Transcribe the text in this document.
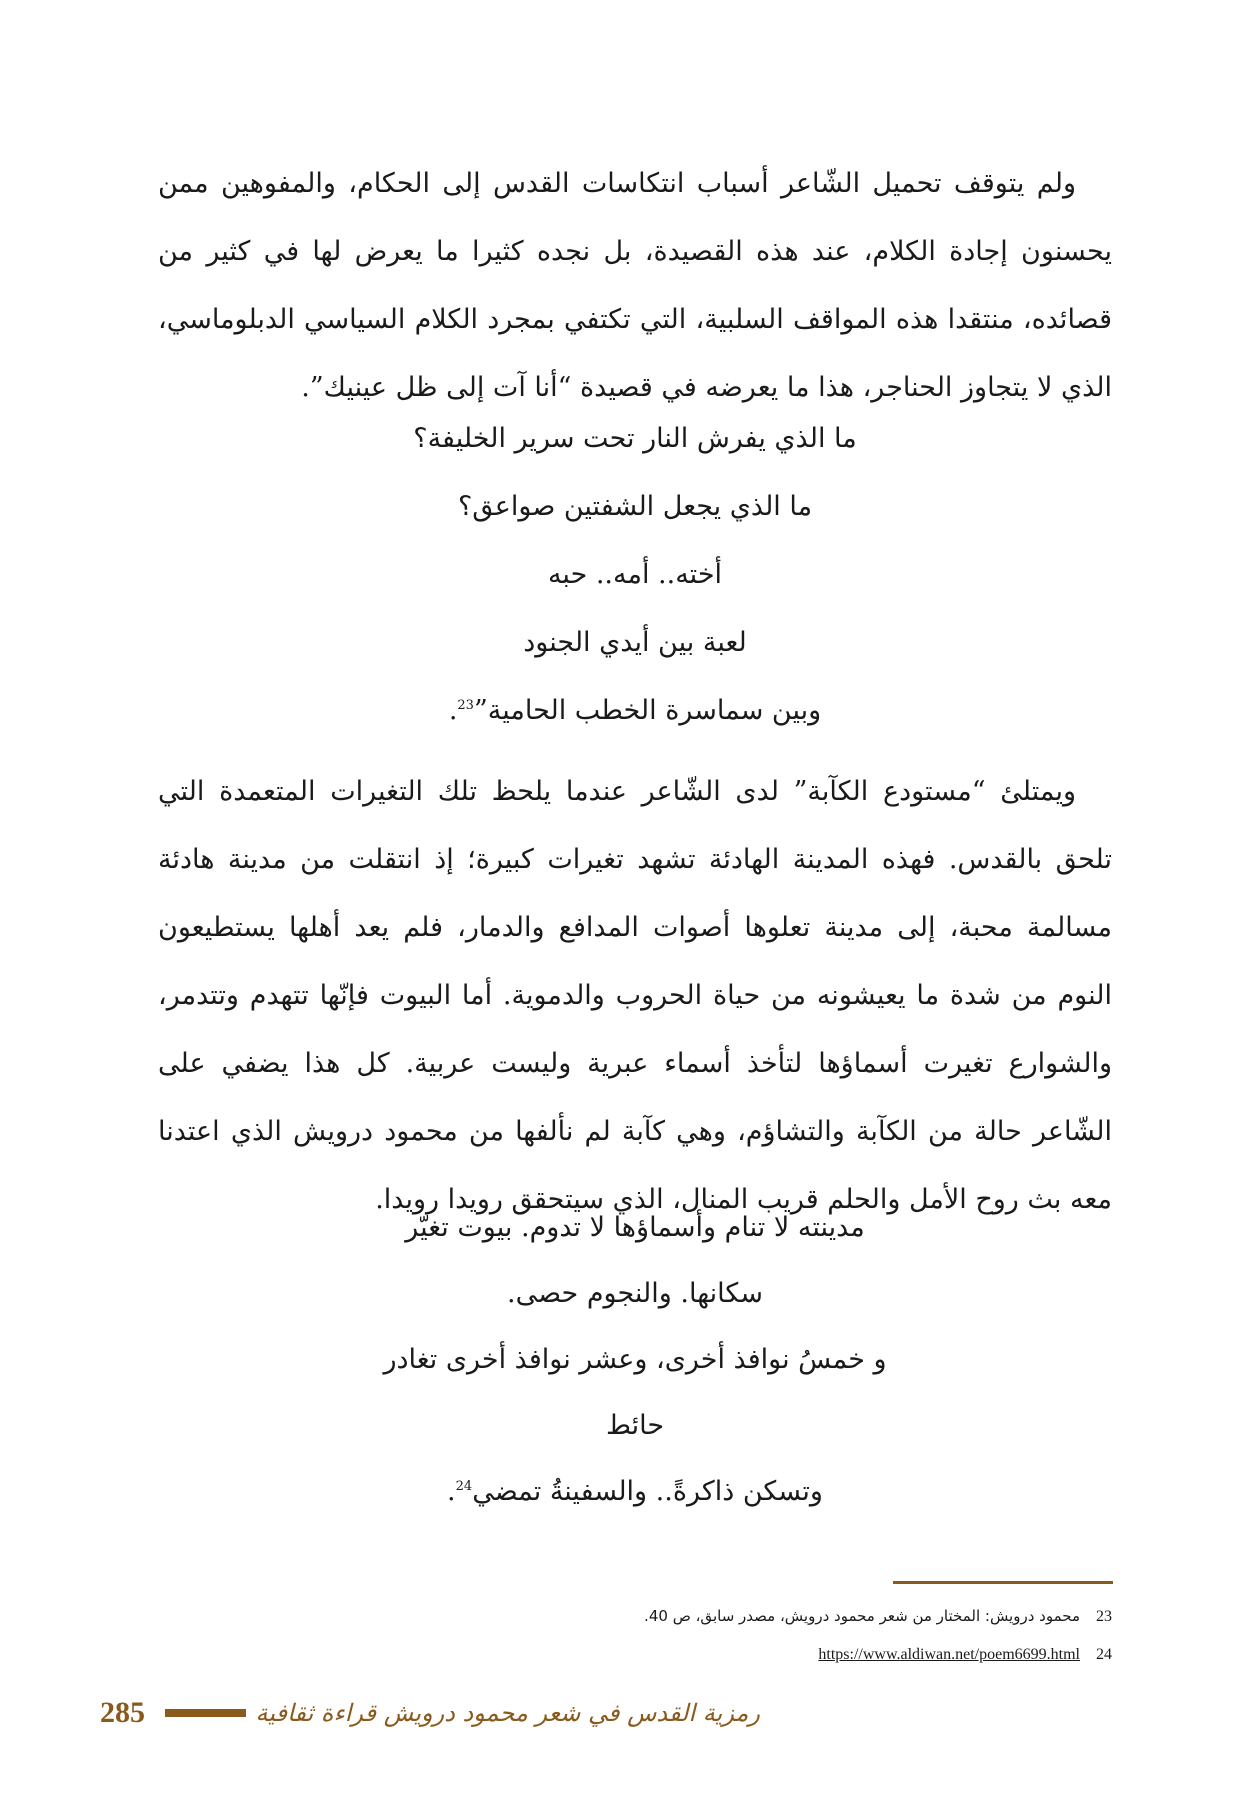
ولم يتوقف تحميل الشّاعر أسباب انتكاسات القدس إلى الحكام، والمفوهين ممن يحسنون إجادة الكلام، عند هذه القصيدة، بل نجده كثيرا ما يعرض لها في كثير من قصائده، منتقدا هذه المواقف السلبية، التي تكتفي بمجرد الكلام السياسي الدبلوماسي، الذي لا يتجاوز الحناجر، هذا ما يعرضه في قصيدة “أنا آت إلى ظل عينيك”.

ما الذي يفرش النار تحت سرير الخليفة؟
ما الذي يجعل الشفتين صواعق؟
أخته.. أمه.. حبه
لعبة بين أيدي الجنود
وبين سماسرة الخطب الحامية”$^{23}$.

ويمتلئ “مستودع الكآبة” لدى الشّاعر عندما يلحظ تلك التغيرات المتعمدة التي تلحق بالقدس. فهذه المدينة الهادئة تشهد تغيرات كبيرة؛ إذ انتقلت من مدينة هادئة مسالمة محبة، إلى مدينة تعلوها أصوات المدافع والدمار، فلم يعد أهلها يستطيعون النوم من شدة ما يعيشونه من حياة الحروب والدموية. أما البيوت فإنّها تتهدم وتتدمر، والشوارع تغيرت أسماؤها لتأخذ أسماء عبرية وليست عربية. كل هذا يضفي على الشّاعر حالة من الكآبة والتشاؤم، وهي كآبة لم نألفها من محمود درويش الذي اعتدنا معه بث روح الأمل والحلم قريب المنال، الذي سيتحقق رويدا رويدا.

مدينته لا تنام وأسماؤها لا تدوم. بيوت تغيّر
سكانها. والنجوم حصى.
و خمسُ نوافذ أخرى، وعشر نوافذ أخرى تغادر
حائط
وتسكن ذاكرةً.. والسفينةُ تمضي$^{24}$.
23
محمود درويش: المختار من شعر محمود درويش، مصدر سابق، ص 40.
24
https://www.aldiwan.net/poem6699.html
285	رمزية القدس في شعر محمود درويش قراءة ثقافية
